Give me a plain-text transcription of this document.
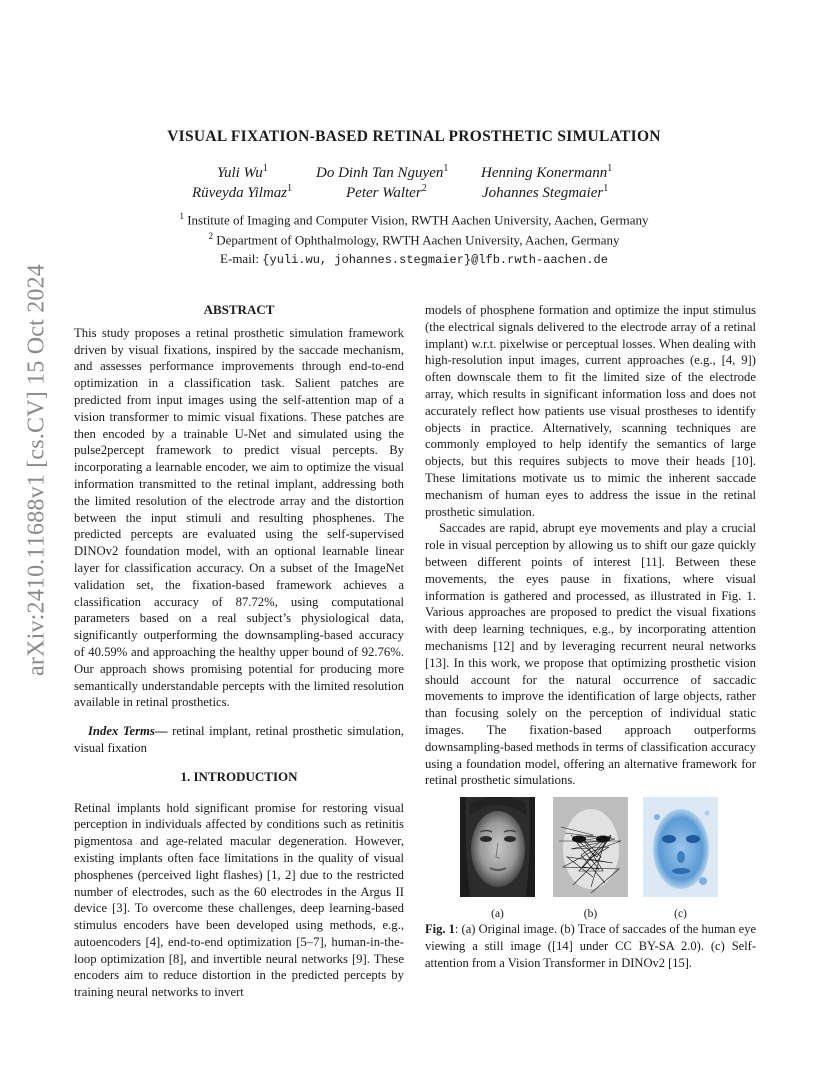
arXiv:2410.11688v1 [cs.CV] 15 Oct 2024
VISUAL FIXATION-BASED RETINAL PROSTHETIC SIMULATION
Yuli Wu$^1$	Do Dinh Tan Nguyen$^1$ Henning Konermann$^1$
Rüveyda Yilmaz$^1$	Peter Walter$^2$	Johannes Stegmaier$^1$
$^1$ Institute of Imaging and Computer Vision, RWTH Aachen University, Aachen, Germany
$^2$ Department of Ophthalmology, RWTH Aachen University, Aachen, Germany
E-mail: {yuli.wu, johannes.stegmaier}@lfb.rwth-aachen.de
ABSTRACT

This study proposes a retinal prosthetic simulation framework driven by visual fixations, inspired by the saccade mechanism, and assesses performance improvements through end-to-end optimization in a classification task. Salient patches are predicted from input images using the self-attention map of a vision transformer to mimic visual fixations. These patches are then encoded by a trainable U-Net and simulated using the pulse2percept framework to predict visual percepts. By incorporating a learnable encoder, we aim to optimize the visual information transmitted to the retinal implant, addressing both the limited resolution of the electrode array and the distortion between the input stimuli and resulting phosphenes. The predicted percepts are evaluated using the self-supervised DINOv2 foundation model, with an optional learnable linear layer for classification accuracy. On a subset of the ImageNet validation set, the fixation-based framework achieves a classification accuracy of 87.72%, using computational parameters based on a real subject’s physiological data, significantly outperforming the downsampling-based accuracy of 40.59% and approaching the healthy upper bound of 92.76%. Our approach shows promising potential for producing more semantically understandable percepts with the limited resolution available in retinal prosthetics.

Index Terms— retinal implant, retinal prosthetic simulation, visual fixation

1. INTRODUCTION

Retinal implants hold significant promise for restoring visual perception in individuals affected by conditions such as retinitis pigmentosa and age-related macular degeneration. However, existing implants often face limitations in the quality of visual phosphenes (perceived light flashes) [1, 2] due to the restricted number of electrodes, such as the 60 electrodes in the Argus II device [3]. To overcome these challenges, deep learning-based stimulus encoders have been developed using methods, e.g., autoencoders [4], end-to-end optimization [5–7], human-in-the-loop optimization [8], and invertible neural networks [9]. These encoders aim to reduce distortion in the predicted percepts by training neural networks to invert

models of phosphene formation and optimize the input stimulus (the electrical signals delivered to the electrode array of a retinal implant) w.r.t. pixelwise or perceptual losses. When dealing with high-resolution input images, current approaches (e.g., [4, 9]) often downscale them to fit the limited size of the electrode array, which results in significant information loss and does not accurately reflect how patients use visual prostheses to identify objects in practice. Alternatively, scanning techniques are commonly employed to help identify the semantics of large objects, but this requires subjects to move their heads [10]. These limitations motivate us to mimic the inherent saccade mechanism of human eyes to address the issue in the retinal prosthetic simulation.

Saccades are rapid, abrupt eye movements and play a crucial role in visual perception by allowing us to shift our gaze quickly between different points of interest [11]. Between these movements, the eyes pause in fixations, where visual information is gathered and processed, as illustrated in Fig. 1. Various approaches are proposed to predict the visual fixations with deep learning techniques, e.g., by incorporating attention mechanisms [12] and by leveraging recurrent neural networks [13]. In this work, we propose that optimizing prosthetic vision should account for the natural occurrence of saccadic movements to improve the identification of large objects, rather than focusing solely on the perception of individual static images. The fixation-based approach outperforms downsampling-based methods in terms of classification accuracy using a foundation model, offering an alternative framework for retinal prosthetic simulations.

(a)	(b)	(c)
Fig. 1: (a) Original image. (b) Trace of saccades of the human eye viewing a still image ([14] under CC BY-SA 2.0). (c) Self-attention from a Vision Transformer in DINOv2 [15].
